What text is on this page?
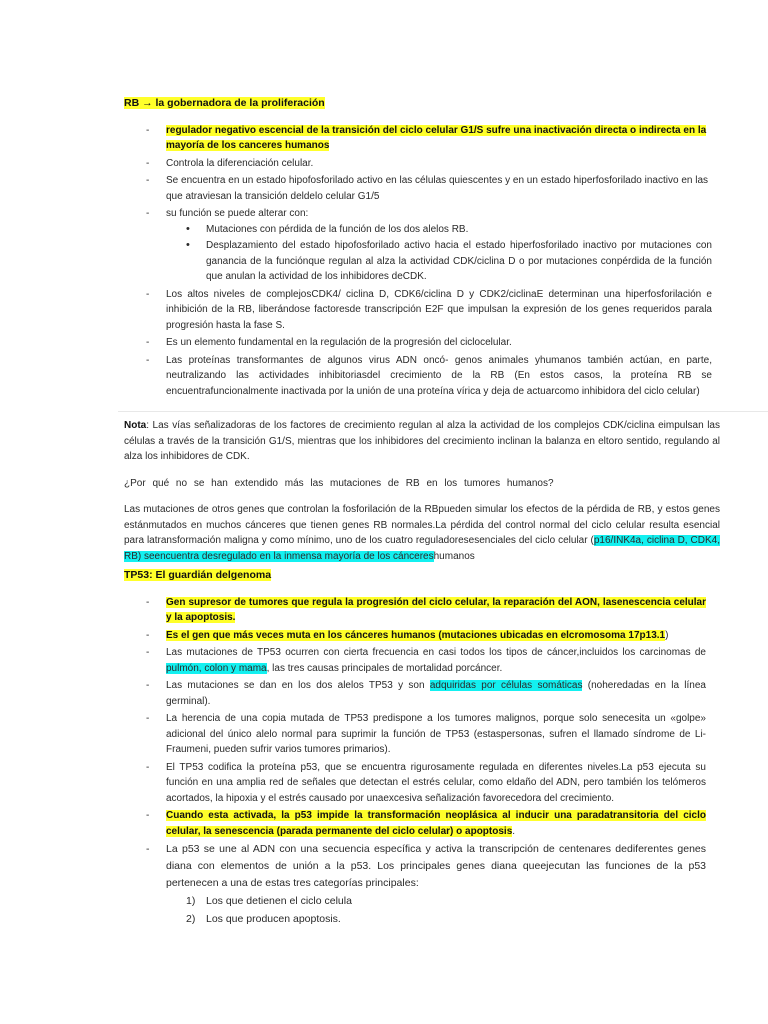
RB → la gobernadora de la proliferación

- regulador negativo escencial de la transición del ciclo celular G1/S sufre una inactivación directa o indirecta en la mayoría de los canceres humanos
- Controla la diferenciación celular.
- Se encuentra en un estado hipofosforilado activo en las células quiescentes y en un estado hiperfosforilado inactivo en las que atraviesan la transición deldelo celular G1/5
- su función se puede alterar con:
• Mutaciones con pérdida de la función de los dos alelos RB.
• Desplazamiento del estado hipofosforilado activo hacia el estado hiperfosforilado inactivo por mutaciones con ganancia de la funciónque regulan al alza la actividad CDK/ciclina D o por mutaciones conpérdida de la función que anulan la actividad de los inhibidores deCDK.
- Los altos niveles de complejosCDK4/ ciclina D, CDK6/ciclina D y CDK2/ciclinaE determinan una hiperfosforilación e inhibición de la RB, liberándose factoresde transcripción E2F que impulsan la expresión de los genes requeridos parala progresión hasta la fase S.
- Es un elemento fundamental en la regulación de la progresión del ciclocelular.
- Las proteínas transformantes de algunos virus ADN oncó- genos animales yhumanos también actúan, en parte, neutralizando las actividades inhibitoriasdel crecimiento de la RB (En estos casos, la proteína RB se encuentrafuncionalmente inactivada por la unión de una proteína vírica y deja de actuarcomo inhibidora del ciclo celular)

Nota: Las vías señalizadoras de los factores de crecimiento regulan al alza la actividad de los complejos CDK/ciclina eimpulsan las células a través de la transición G1/S, mientras que los inhibidores del crecimiento inclinan la balanza en eltoro sentido, regulando al alza los inhibidores de CDK.

¿Por qué no se han extendido más las mutaciones de RB en los tumores humanos?

Las mutaciones de otros genes que controlan la fosforilación de la RBpueden simular los efectos de la pérdida de RB, y estos genes estánmutados en muchos cánceres que tienen genes RB normales.La pérdida del control normal del ciclo celular resulta esencial para latransformación maligna y como mínimo, uno de los cuatro reguladoresesenciales del ciclo celular (p16/INK4a, ciclina D, CDK4, RB) seencuentra desregulado en la inmensa mayoría de los cáncereshumanos

TP53: El guardián delgenoma

- Gen supresor de tumores que regula la progresión del ciclo celular, la reparación del AON, lasenescencia celular y la apoptosis.
- Es el gen que más veces muta en los cánceres humanos (mutaciones ubicadas en elcromosoma 17p13.1)
- Las mutaciones de TP53 ocurren con cierta frecuencia en casi todos los tipos de cáncer,incluidos los carcinomas de pulmón, colon y mama, las tres causas principales de mortalidad porcáncer.
- Las mutaciones se dan en los dos alelos TP53 y son adquiridas por células somáticas (noheredadas en la línea germinal).
- La herencia de una copia mutada de TP53 predispone a los tumores malignos, porque solo senecesita un «golpe» adicional del único alelo normal para suprimir la función de TP53 (estaspersonas, sufren el llamado síndrome de Li-Fraumeni, pueden sufrir varios tumores primarios).
- El TP53 codifica la proteína p53, que se encuentra rigurosamente regulada en diferentes niveles.La p53 ejecuta su función en una amplia red de señales que detectan el estrés celular, como eldaño del ADN, pero también los telómeros acortados, la hipoxia y el estrés causado por unaexcesiva señalización favorecedora del crecimiento.
- Cuando esta activada, la p53 impide la transformación neoplásica al inducir una paradatransitoria del ciclo celular, la senescencia (parada permanente del ciclo celular) o apoptosis.
- La p53 se une al ADN con una secuencia específica y activa la transcripción de centenares dediferentes genes diana con elementos de unión a la p53. Los principales genes diana queejecutan las funciones de la p53 pertenecen a una de estas tres categorías principales:
1) Los que detienen el ciclo celula
2) Los que producen apoptosis.
